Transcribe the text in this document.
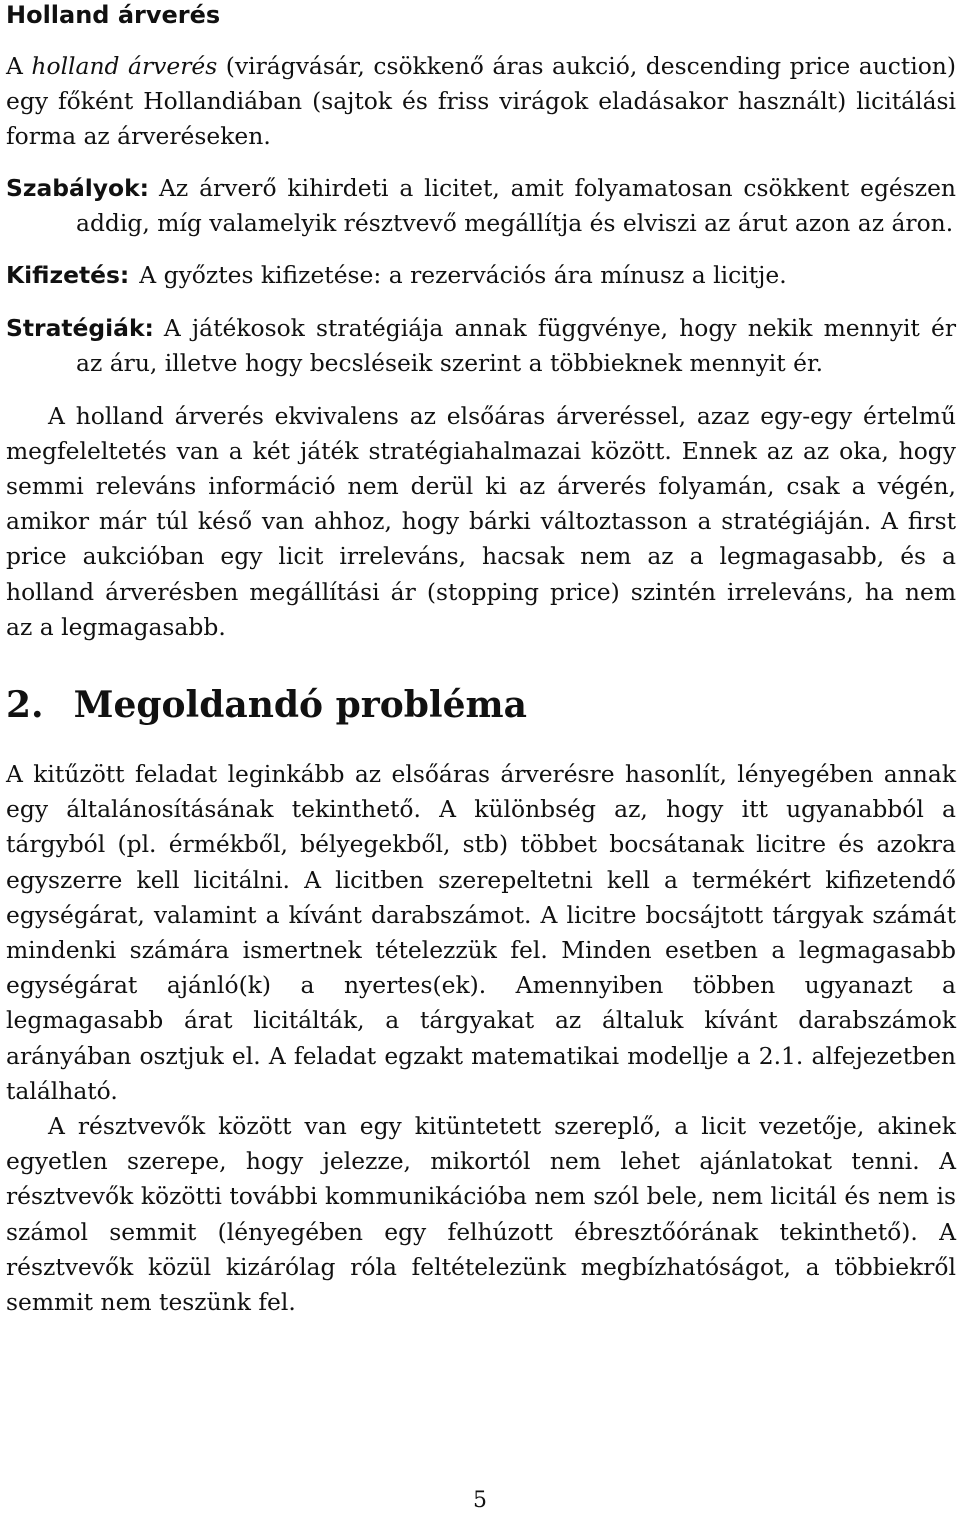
Holland árverés

A holland árverés (virágvásár, csökkenő áras aukció, descending price auction) egy főként Hollandiában (sajtok és friss virágok eladásakor használt) licitálási forma az árveréseken.

Szabályok: Az árverő kihirdeti a licitet, amit folyamatosan csökkent egészen addig, míg valamelyik résztvevő megállítja és elviszi az árut azon az áron.

Kifizetés: A győztes kifizetése: a rezervációs ára mínusz a licitje.

Stratégiák: A játékosok stratégiája annak függvénye, hogy nekik mennyit ér az áru, illetve hogy becsléseik szerint a többieknek mennyit ér.

A holland árverés ekvivalens az elsőáras árveréssel, azaz egy-egy értelmű megfeleltetés van a két játék stratégiahalmazai között. Ennek az az oka, hogy semmi releváns információ nem derül ki az árverés folyamán, csak a végén, amikor már túl késő van ahhoz, hogy bárki változtasson a stratégiáján. A first price aukcióban egy licit irreleváns, hacsak nem az a legmagasabb, és a holland árverésben megállítási ár (stopping price) szintén irreleváns, ha nem az a legmagasabb.

2. Megoldandó probléma

A kitűzött feladat leginkább az elsőáras árverésre hasonlít, lényegében annak egy általánosításának tekinthető. A különbség az, hogy itt ugyanabból a tárgyból (pl. érmékből, bélyegekből, stb) többet bocsátanak licitre és azokra egyszerre kell licitálni. A licitben szerepeltetni kell a termékért kifizetendő egységárat, valamint a kívánt darabszámot. A licitre bocsájtott tárgyak számát mindenki számára ismertnek tételezzük fel. Minden esetben a legmagasabb egységárat ajánló(k) a nyertes(ek). Amennyiben többen ugyanazt a legmagasabb árat licitálták, a tárgyakat az általuk kívánt darabszámok arányában osztjuk el. A feladat egzakt matematikai modellje a 2.1. alfejezetben található.

A résztvevők között van egy kitüntetett szereplő, a licit vezetője, akinek egyetlen szerepe, hogy jelezze, mikortól nem lehet ajánlatokat tenni. A résztvevők közötti további kommunikációba nem szól bele, nem licitál és nem is számol semmit (lényegében egy felhúzott ébresztőórának tekinthető). A résztvevők közül kizárólag róla feltételezünk megbízhatóságot, a többiekről semmit nem teszünk fel.

5
